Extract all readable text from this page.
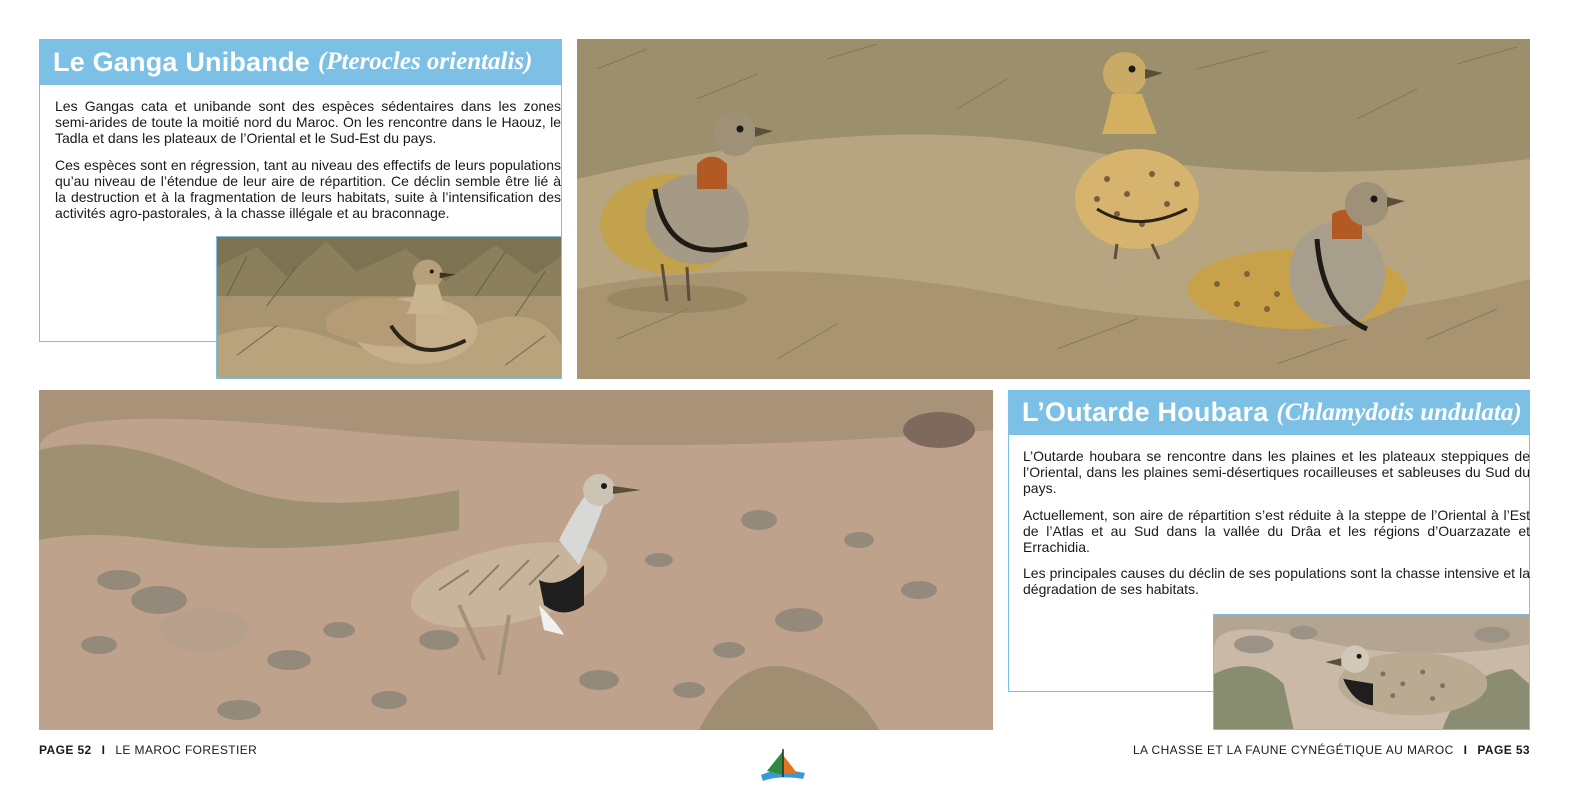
Le Ganga Unibande (Pterocles orientalis)

Les Gangas cata et unibande sont des espèces sédentaires dans les zones semi-arides de toute la moitié nord du Maroc. On les rencontre dans le Haouz, le Tadla et dans les plateaux de l’Oriental et le Sud-Est du pays.

Ces espèces sont en régression, tant au niveau des effectifs de leurs populations qu’au niveau de l’étendue de leur aire de répartition. Ce déclin semble être lié à la destruction et à la fragmentation de leurs habitats, suite à l’intensification des activités agro-pastorales, à la chasse illégale et au braconnage.

L’Outarde Houbara (Chlamydotis undulata)

L’Outarde houbara se rencontre dans les plaines et les plateaux steppiques de l’Oriental, dans les plaines semi-désertiques rocailleuses et sableuses du Sud du pays.

Actuellement, son aire de répartition s’est réduite à la steppe de l’Oriental à l’Est de l’Atlas et au Sud dans la vallée du Drâa et les régions d’Ouarzazate et Errachidia.

Les principales causes du déclin de ses populations sont la chasse intensive et la dégradation de ses habitats.

PAGE 52 I LE MAROC FORESTIER	LA CHASSE ET LA FAUNE CYNÉGÉTIQUE AU MAROC I PAGE 53
